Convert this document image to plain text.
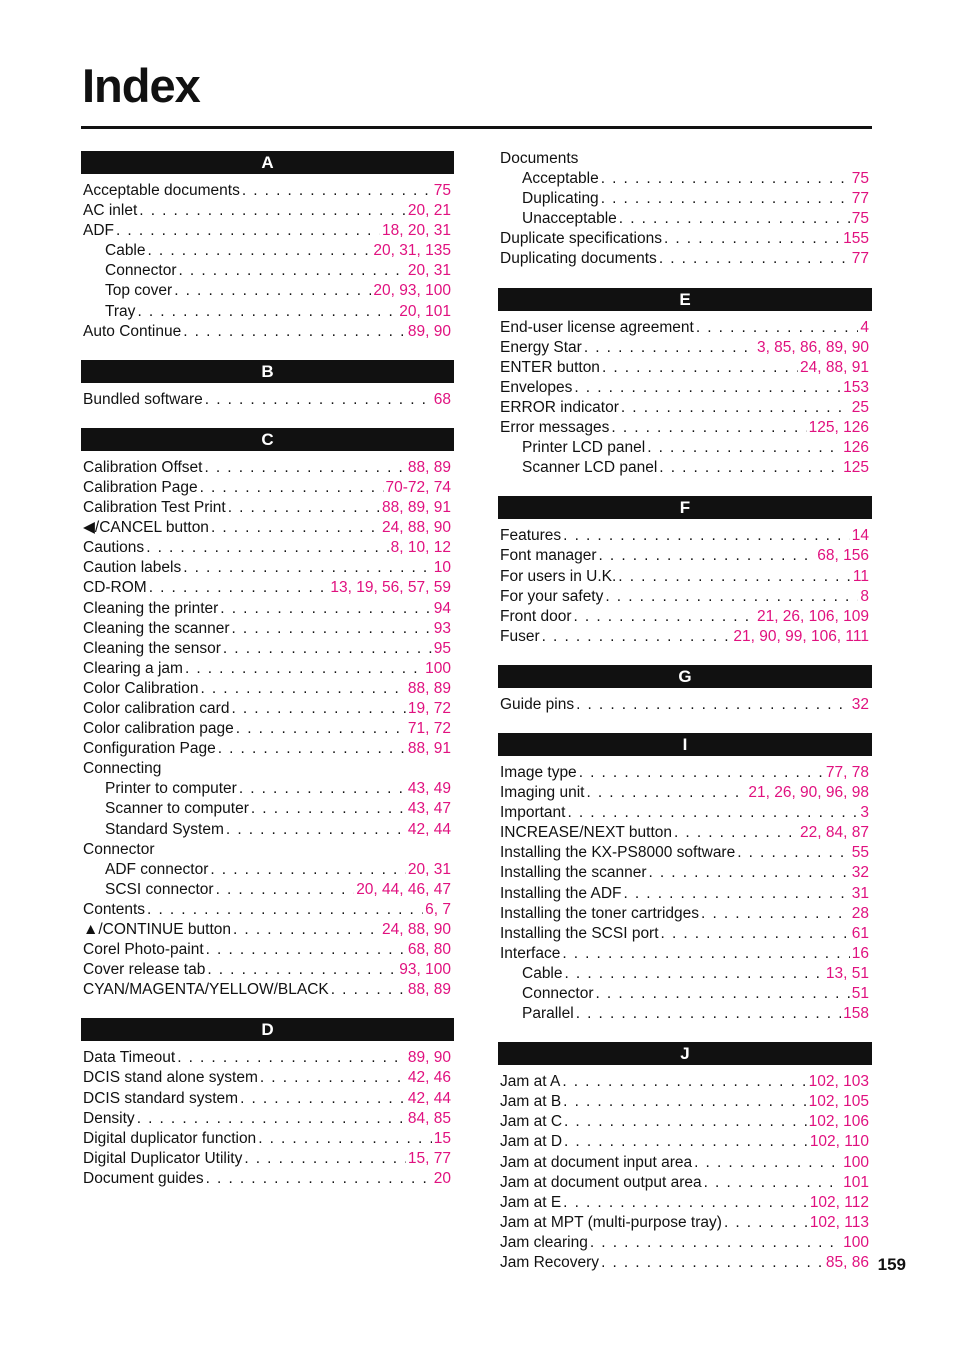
Index
A
Acceptable documents . . .	75
AC inlet . . .	20, 21
ADF . . .	18, 20, 31
Cable . . .	20, 31, 135
Connector . . .	20, 31
Top cover . . .	20, 93, 100
Tray . . .	20, 101
Auto Continue . . .	89, 90
B
Bundled software . . .	68
C
Calibration Offset . . .	88, 89
Calibration Page . . .	70-72, 74
Calibration Test Print . . .	88, 89, 91
◀/CANCEL button . . .	24, 88, 90
Cautions . . .	8, 10, 12
Caution labels . . .	10
CD-ROM . . .	13, 19, 56, 57, 59
Cleaning the printer . . .	94
Cleaning the scanner . . .	93
Cleaning the sensor . . .	95
Clearing a jam . . .	100
Color Calibration . . .	88, 89
Color calibration card . . .	19, 72
Color calibration page . . .	71, 72
Configuration Page . . .	88, 91
Connecting
Printer to computer . . .	43, 49
Scanner to computer . . .	43, 47
Standard System . . .	42, 44
Connector
ADF connector . . .	20, 31
SCSI connector . . .	20, 44, 46, 47
Contents . . .	6, 7
▲/CONTINUE button . . .	24, 88, 90
Corel Photo-paint . . .	68, 80
Cover release tab . . .	93, 100
CYAN/MAGENTA/YELLOW/BLACK . . .	88, 89
D
Data Timeout . . .	89, 90
DCIS stand alone system . . .	42, 46
DCIS standard system . . .	42, 44
Density . . .	84, 85
Digital duplicator function . . .	15
Digital Duplicator Utility . . .	15, 77
Document guides . . .	20
Documents
Acceptable . . .	75
Duplicating . . .	77
Unacceptable . . .	75
Duplicate specifications . . .	155
Duplicating documents . . .	77
E
End-user license agreement . . .	4
Energy Star . . .	3, 85, 86, 89, 90
ENTER button . . .	24, 88, 91
Envelopes . . .	153
ERROR indicator . . .	25
Error messages . . .	125, 126
Printer LCD panel . . .	126
Scanner LCD panel . . .	125
F
Features . . .	14
Font manager . . .	68, 156
For users in U.K. . . .	11
For your safety . . .	8
Front door . . .	21, 26, 106, 109
Fuser . . .	21, 90, 99, 106, 111
G
Guide pins . . .	32
I
Image type . . .	77, 78
Imaging unit . . .	21, 26, 90, 96, 98
Important . . .	3
INCREASE/NEXT button . . .	22, 84, 87
Installing the KX-PS8000 software . . .	55
Installing the scanner . . .	32
Installing the ADF . . .	31
Installing the toner cartridges . . .	28
Installing the SCSI port . . .	61
Interface . . .	16
Cable . . .	13, 51
Connector . . .	51
Parallel . . .	158
J
Jam at A . . .	102, 103
Jam at B . . .	102, 105
Jam at C . . .	102, 106
Jam at D . . .	102, 110
Jam at document input area . . .	100
Jam at document output area . . .	101
Jam at E . . .	102, 112
Jam at MPT (multi-purpose tray) . . .	102, 113
Jam clearing . . .	100
Jam Recovery . . .	85, 86 159
